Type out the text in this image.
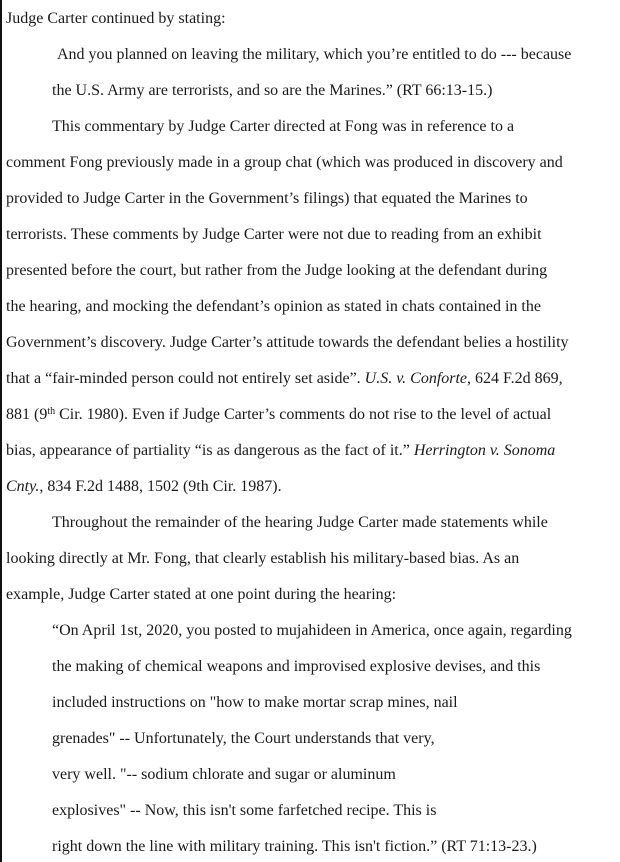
Judge Carter continued by stating:
And you planned on leaving the military, which you’re entitled to do --- because
the U.S. Army are terrorists, and so are the Marines.” (RT 66:13-15.)
This commentary by Judge Carter directed at Fong was in reference to a
comment Fong previously made in a group chat (which was produced in discovery and
provided to Judge Carter in the Government’s filings) that equated the Marines to
terrorists. These comments by Judge Carter were not due to reading from an exhibit
presented before the court, but rather from the Judge looking at the defendant during
the hearing, and mocking the defendant’s opinion as stated in chats contained in the
Government’s discovery. Judge Carter’s attitude towards the defendant belies a hostility
that a “fair-minded person could not entirely set aside”. U.S. v. Conforte, 624 F.2d 869,
881 (9th Cir. 1980). Even if Judge Carter’s comments do not rise to the level of actual
bias, appearance of partiality “is as dangerous as the fact of it.” Herrington v. Sonoma
Cnty., 834 F.2d 1488, 1502 (9th Cir. 1987).
Throughout the remainder of the hearing Judge Carter made statements while
looking directly at Mr. Fong, that clearly establish his military-based bias. As an
example, Judge Carter stated at one point during the hearing:
“On April 1st, 2020, you posted to mujahideen in America, once again, regarding
the making of chemical weapons and improvised explosive devises, and this
included instructions on "how to make mortar scrap mines, nail
grenades" -- Unfortunately, the Court understands that very,
very well. "-- sodium chlorate and sugar or aluminum
explosives" -- Now, this isn't some farfetched recipe. This is
right down the line with military training. This isn't fiction.” (RT 71:13-23.)
